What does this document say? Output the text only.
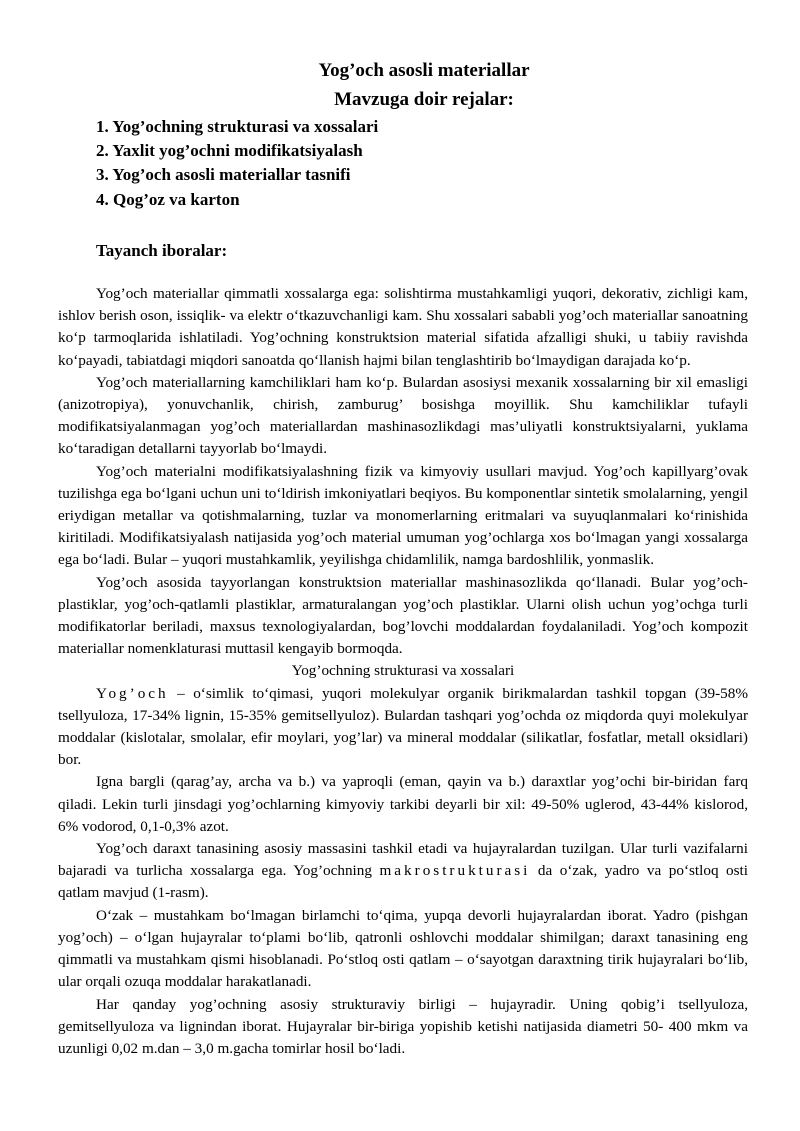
Yog’och asosli materiallar
Mavzuga doir rejalar:
1. Yog’ochning strukturasi va xossalari
2. Yaxlit yog’ochni modifikatsiyalash
3. Yog’och asosli materiallar tasnifi
4. Qog’oz va karton
Tayanch iboralar:

Yog’och materiallar qimmatli xossalarga ega: solishtirma mustahkamligi yuqori, dekorativ, zichligi kam, ishlov berish oson, issiqlik- va elektr o‘tkazuvchanligi kam. Shu xossalari sababli yog’och materiallar sanoatning ko‘p tarmoqlarida ishlatiladi. Yog’ochning konstruktsion material sifatida afzalligi shuki, u tabiiy ravishda ko‘payadi, tabiatdagi miqdori sanoatda qo‘llanish hajmi bilan tenglashtirib bo‘lmaydigan darajada ko‘p.

Yog’och materiallarning kamchiliklari ham ko‘p. Bulardan asosiysi mexanik xossalarning bir xil emasligi (anizotropiya), yonuvchanlik, chirish, zamburug’ bosishga moyillik. Shu kamchiliklar tufayli modifikatsiyalanmagan yog’och materiallardan mashinasozlikdagi mas’uliyatli konstruktsiyalarni, yuklama ko‘taradigan detallarni tayyorlab bo‘lmaydi.

Yog’och materialni modifikatsiyalashning fizik va kimyoviy usullari mavjud. Yog’och kapillyarg’ovak tuzilishga ega bo‘lgani uchun uni to‘ldirish imkoniyatlari beqiyos. Bu komponentlar sintetik smolalarning, yengil eriydigan metallar va qotishmalarning, tuzlar va monomerlarning eritmalari va suyuqlanmalari ko‘rinishida kiritiladi. Modifikatsiyalash natijasida yog’och material umuman yog’ochlarga xos bo‘lmagan yangi xossalarga ega bo‘ladi. Bular – yuqori mustahkamlik, yeyilishga chidamlilik, namga bardoshlilik, yonmaslik.

Yog’och asosida tayyorlangan konstruktsion materiallar mashinasozlikda qo‘llanadi. Bular yog’och-plastiklar, yog’och-qatlamli plastiklar, armaturalangan yog’och plastiklar. Ularni olish uchun yog’ochga turli modifikatorlar beriladi, maxsus texnologiyalardan, bog’lovchi moddalardan foydalaniladi. Yog’och kompozit materiallar nomenklaturasi muttasil kengayib bormoqda.

Yog’ochning strukturasi va xossalari

Yog’och – o‘simlik to‘qimasi, yuqori molekulyar organik birikmalardan tashkil topgan (39-58% tsellyuloza, 17-34% lignin, 15-35% gemitsellyuloz). Bulardan tashqari yog’ochda oz miqdorda quyi molekulyar moddalar (kislotalar, smolalar, efir moylari, yog’lar) va mineral moddalar (silikatlar, fosfatlar, metall oksidlari) bor.

Igna bargli (qarag’ay, archa va b.) va yaproqli (eman, qayin va b.) daraxtlar yog’ochi bir-biridan farq qiladi. Lekin turli jinsdagi yog’ochlarning kimyoviy tarkibi deyarli bir xil: 49-50% uglerod, 43-44% kislorod, 6% vodorod, 0,1-0,3% azot.

Yog’och daraxt tanasining asosiy massasini tashkil etadi va hujayralardan tuzilgan. Ular turli vazifalarni bajaradi va turlicha xossalarga ega. Yog’ochning makrostrukturasi da o‘zak, yadro va po‘stloq osti qatlam mavjud (1-rasm).

O‘zak – mustahkam bo‘lmagan birlamchi to‘qima, yupqa devorli hujayralardan iborat. Yadro (pishgan yog’och) – o‘lgan hujayralar to‘plami bo‘lib, qatronli oshlovchi moddalar shimilgan; daraxt tanasining eng qimmatli va mustahkam qismi hisoblanadi. Po‘stloq osti qatlam – o‘sayotgan daraxtning tirik hujayralari bo‘lib, ular orqali ozuqa moddalar harakatlanadi.

Har qanday yog’ochning asosiy strukturaviy birligi – hujayradir. Uning qobig’i tsellyuloza, gemitsellyuloza va lignindan iborat. Hujayralar bir-biriga yopishib ketishi natijasida diametri 50- 400 mkm va uzunligi 0,02 m.dan – 3,0 m.gacha tomirlar hosil bo‘ladi.
